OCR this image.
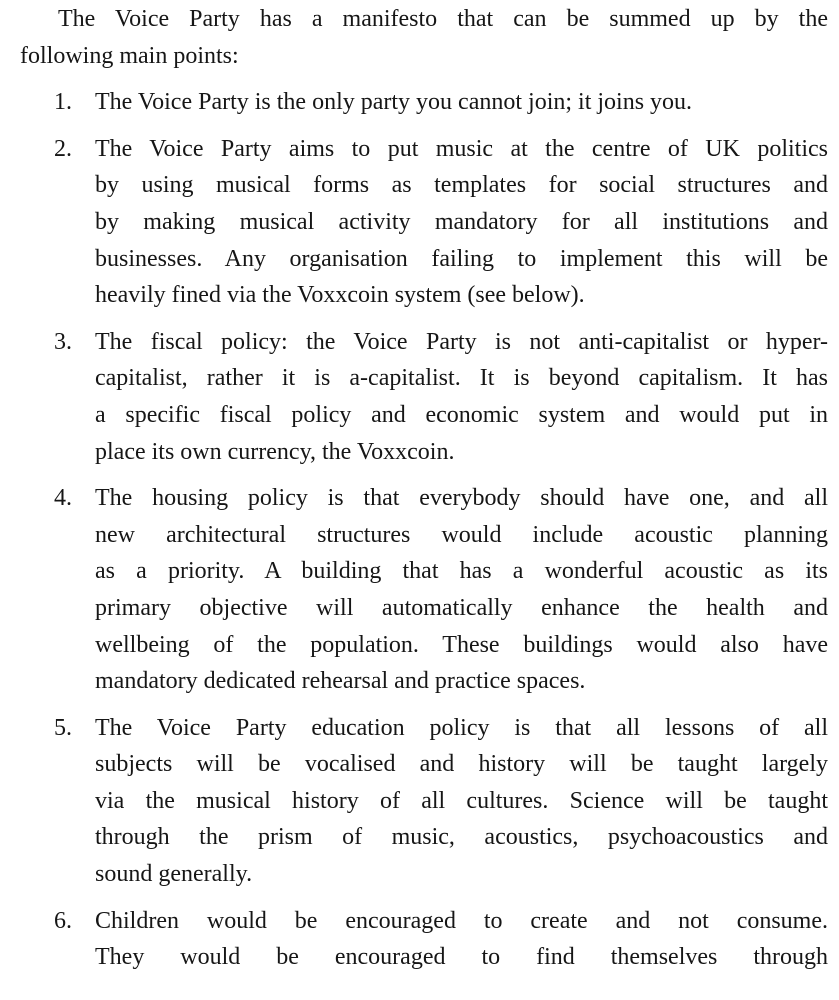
The Voice Party has a manifesto that can be summed up by the
following main points:
1. The Voice Party is the only party you cannot join; it joins you.
2. The Voice Party aims to put music at the centre of UK politics
by using musical forms as templates for social structures and
by making musical activity mandatory for all institutions and
businesses. Any organisation failing to implement this will be
heavily fined via the Voxxcoin system (see below).
3. The fiscal policy: the Voice Party is not anti-capitalist or hyper-
capitalist, rather it is a-capitalist. It is beyond capitalism. It has
a specific fiscal policy and economic system and would put in
place its own currency, the Voxxcoin.
4. The housing policy is that everybody should have one, and all
new architectural structures would include acoustic planning
as a priority. A building that has a wonderful acoustic as its
primary objective will automatically enhance the health and
wellbeing of the population. These buildings would also have
mandatory dedicated rehearsal and practice spaces.
5. The Voice Party education policy is that all lessons of all
subjects will be vocalised and history will be taught largely
via the musical history of all cultures. Science will be taught
through the prism of music, acoustics, psychoacoustics and
sound generally.
6. Children would be encouraged to create and not consume.
They would be encouraged to find themselves through
